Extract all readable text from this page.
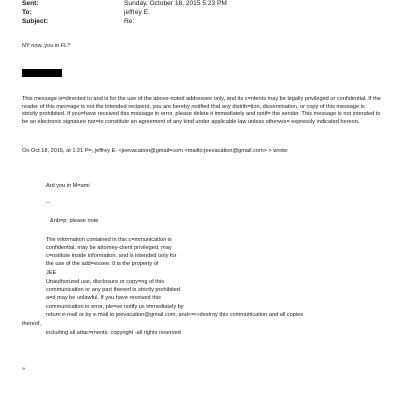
Sent:	Sunday, October 18, 2015 5:23 PM
To:	jeffrey E.
Subject:	Re:
NY now..you in FL?
This message is=directed to and is for the use of the above-noted addressee only, and its c=ntents may be legally privileged or confidential. If the reader of this mes=age is not the intended recipient, you are hereby notified that any distrib=tion, dissemination, or copy of this message is strictly prohibited. If you=have received this message in error, please delete it immediately and notif= the sender. This message is not intended to be an electronic signature nor=to constitute an agreement of any kind under applicable law unless otherwis= expressly indicated hereon.
On Oct 18, 2015, at 1:21 P=, jeffrey E. <jeevacation@gmail=com <mailto:jeevacation@gmail.com> > wrote:
Ard you in M=ami
--
&nb=p; please note
The information contained in this c=mmunication is
confidential, may be attorney-client privileged, may
c=nstitute inside information, and is intended only for
the use of the add=essee. It is the property of
JEE
Unauthorized use, disclosure or copy=ng of this
communication or any part thereof is strictly prohibited
a=d may be unlawful. If you have received this
communication in error, ple=se notify us immediately by
return e-mail or by e-mail to jeevacation@gmail.com, and<=r>destroy this communication and all copies
thereof,
including all attac=ments. copyright -all rights reserved
»
